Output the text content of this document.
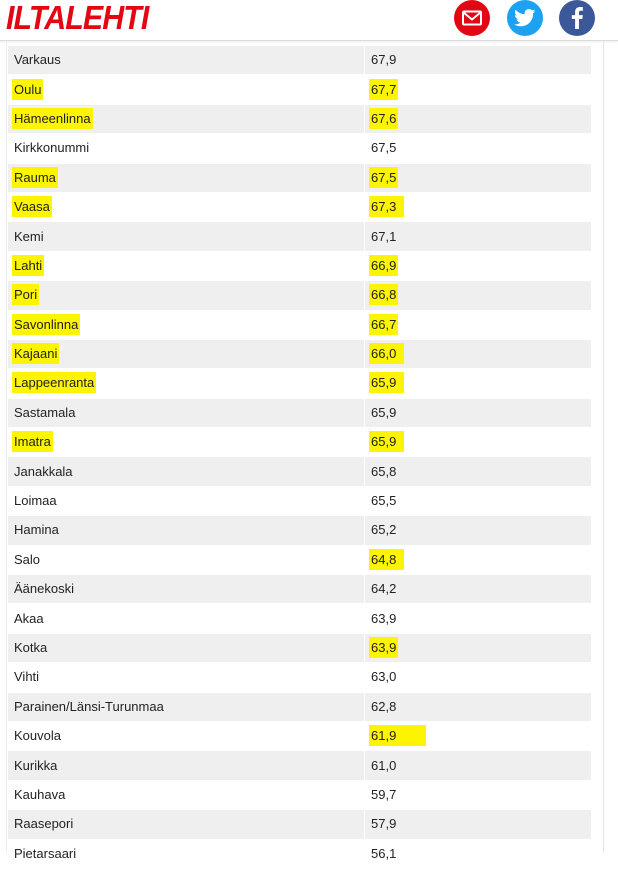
ILTALEHTI
Varkaus	67,9
Oulu	67,7
Hämeenlinna	67,6
Kirkkonummi	67,5
Rauma	67,5
Vaasa	67,3
Kemi	67,1
Lahti	66,9
Pori	66,8
Savonlinna	66,7
Kajaani	66,0
Lappeenranta	65,9
Sastamala	65,9
Imatra	65,9
Janakkala	65,8
Loimaa	65,5
Hamina	65,2
Salo	64,8
Äänekoski	64,2
Akaa	63,9
Kotka	63,9
Vihti	63,0
Parainen/Länsi-Turunmaa	62,8
Kouvola	61,9
Kurikka	61,0
Kauhava	59,7
Raasepori	57,9
Pietarsaari	56,1
